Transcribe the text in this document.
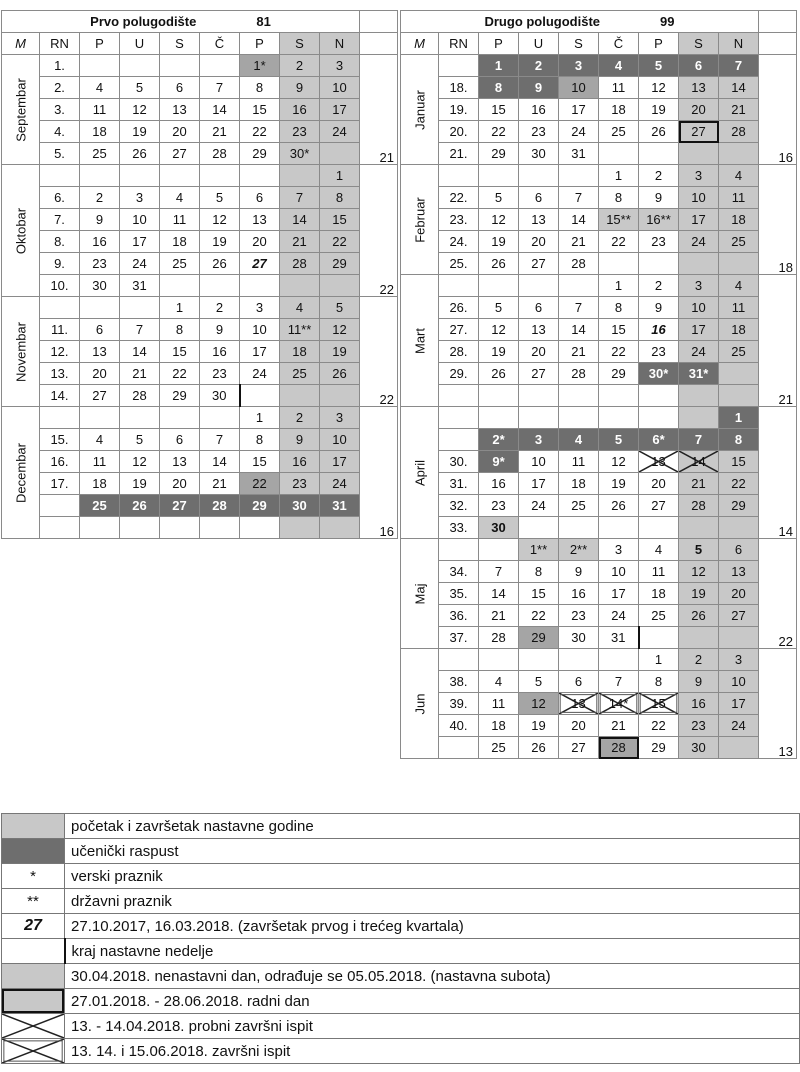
Prvo polugodište 81									
M	RN	P	U	S	Č	P	S	N	

Septembar	1.					1*	2	3	21
	2.	4	5	6	7	8	9	10	
	3.	11	12	13	14	15	16	17	
	4.	18	19	20	21	22	23	24	
	5.	25	26	27	28	29	30*		

Oktobar								1	22
	6.	2	3	4	5	6	7	8	
	7.	9	10	11	12	13	14	15	
	8.	16	17	18	19	20	21	22	
	9.	23	24	25	26	27	28	29	
	10.	30	31						

Novembar				1	2	3	4	5	22
	11.	6	7	8	9	10	11**	12	
	12.	13	14	15	16	17	18	19	
	13.	20	21	22	23	24	25	26	
	14.	27	28	29	30				

Decembar						1	2	3	16
	15.	4	5	6	7	8	9	10	
	16.	11	12	13	14	15	16	17	
	17.	18	19	20	21	22	23	24	
		25	26	27	28	29	30	31	

Drugo polugodište 99									
M	RN	P	U	S	Č	P	S	N	

Januar		1	2	3	4	5	6	7	16
	18.	8	9	10	11	12	13	14	
	19.	15	16	17	18	19	20	21	
	20.	22	23	24	25	26	27	28	
	21.	29	30	31					

Februar					1	2	3	4	18
	22.	5	6	7	8	9	10	11	
	23.	12	13	14	15**	16**	17	18	
	24.	19	20	21	22	23	24	25	
	25.	26	27	28					

Mart					1	2	3	4	21
	26.	5	6	7	8	9	10	11	
	27.	12	13	14	15	16	17	18	
	28.	19	20	21	22	23	24	25	
	29.	26	27	28	29	30*	31*		

April								1	14
		2*	3	4	5	6*	7	8	
	30.	9*	10	11	12	13	14	15	
	31.	16	17	18	19	20	21	22	
	32.	23	24	25	26	27	28	29	
	33.	30							

Maj			1**	2**	3	4	5	6	22
	34.	7	8	9	10	11	12	13	
	35.	14	15	16	17	18	19	20	
	36.	21	22	23	24	25	26	27	
	37.	28	29	30	31				

Jun						1	2	3	13
	38.	4	5	6	7	8	9	10	
	39.	11	12	13	14*	15	16	17	
	40.	18	19	20	21	22	23	24	
		25	26	27	28	29	30		
	početak i završetak nastavne godine
	učenički raspust
*	verski praznik
**	državni praznik
27	27.10.2017, 16.03.2018. (završetak prvog i trećeg kvartala)
	kraj nastavne nedelje
	30.04.2018. nenastavni dan, odrađuje se 05.05.2018. (nastavna subota)
	27.01.2018. - 28.06.2018. radni dan

	13. - 14.04.2018. probni završni ispit

	13. 14. i 15.06.2018. završni ispit
